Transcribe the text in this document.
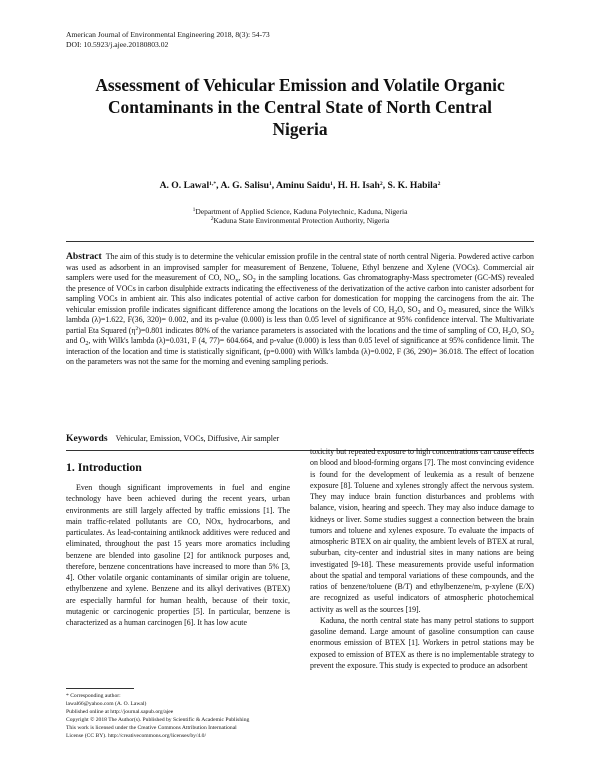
American Journal of Environmental Engineering 2018, 8(3): 54-73
DOI: 10.5923/j.ajee.20180803.02
Assessment of Vehicular Emission and Volatile Organic
Contaminants in the Central State of North Central
Nigeria
A. O. Lawal$^{1,*}$, A. G. Salisu$^1$, Aminu Saidu$^1$, H. H. Isah$^2$, S. K. Habila$^2$
$^1$Department of Applied Science, Kaduna Polytechnic, Kaduna, Nigeria
$^2$Kaduna State Environmental Protection Authority, Nigeria
Abstract The aim of this study is to determine the vehicular emission profile in the central state of north central Nigeria. Powdered active carbon was used as adsorbent in an improvised sampler for measurement of Benzene, Toluene, Ethyl benzene and Xylene (VOCs). Commercial air samplers were used for the measurement of CO, $NO_x$, $SO_2$ in the sampling locations. Gas chromatography-Mass spectrometer (GC-MS) revealed the presence of VOCs in carbon disulphide extracts indicating the effectiveness of the derivatization of the active carbon into canister adsorbent for sampling VOCs in ambient air. This also indicates potential of active carbon for domestication for mopping the carcinogens from the air. The vehicular emission profile indicates significant difference among the locations on the levels of CO, $H_2O$, $SO_2$ and $O_2$ measured, since the Wilk's lambda (λ)=1.622, F(36, 320)= 0.002, and its p-value (0.000) is less than 0.05 level of significance at 95% confidence interval. The Multivariate partial Eta Squared $(\eta^2)=0.801$ indicates 80% of the variance parameters is associated with the locations and the time of sampling of CO, $H_2O$, $SO_2$ and $O_2$, with Wilk's lambda (λ)=0.031, F (4, 77)= 604.664, and p-value (0.000) is less than 0.05 level of significance at 95% confidence limit. The interaction of the location and time is statistically significant, (p=0.000) with Wilk's lambda (λ)=0.002, F (36, 290)= 36.018. The effect of location on the parameters was not the same for the morning and evening sampling periods.
Keywords Vehicular, Emission, VOCs, Diffusive, Air sampler
1. Introduction

Even though significant improvements in fuel and engine technology have been achieved during the recent years, urban environments are still largely affected by traffic emissions [1]. The main traffic-related pollutants are CO, NOx, hydrocarbons, and particulates. As lead-containing antiknock additives were reduced and eliminated, throughout the past 15 years more aromatics including benzene are blended into gasoline [2] for antiknock purposes and, therefore, benzene concentrations have increased to more than 5% [3, 4]. Other volatile organic contaminants of similar origin are toluene, ethylbenzene and xylene. Benzene and its alkyl derivatives (BTEX) are especially harmful for human health, because of their toxic, mutagenic or carcinogenic properties [5]. In particular, benzene is characterized as a human carcinogen [6]. It has low acute

toxicity but repeated exposure to high concentrations can cause effects on blood and blood-forming organs [7]. The most convincing evidence is found for the development of leukemia as a result of benzene exposure [8]. Toluene and xylenes strongly affect the nervous system. They may induce brain function disturbances and problems with balance, vision, hearing and speech. They may also induce damage to kidneys or liver. Some studies suggest a connection between the brain tumors and toluene and xylenes exposure. To evaluate the impacts of atmospheric BTEX on air quality, the ambient levels of BTEX at rural, suburban, city-center and industrial sites in many nations are being investigated [9-18]. These measurements provide useful information about the spatial and temporal variations of these compounds, and the ratios of benzene/toluene (B/T) and ethylbenzene/m, p-xylene (E/X) are recognized as useful indicators of atmospheric photochemical activity as well as the sources [19].

Kaduna, the north central state has many petrol stations to support gasoline demand. Large amount of gasoline consumption can cause enormous emission of BTEX [1]. Workers in petrol stations may be exposed to emission of BTEX as there is no implementable strategy to prevent the exposure. This study is expected to produce an adsorbent

* Corresponding author:
lawal66@yahoo.com (A. O. Lawal)
Published online at http://journal.sapub.org/ajee
Copyright © 2018 The Author(s). Published by Scientific & Academic Publishing
This work is licensed under the Creative Commons Attribution International
License (CC BY). http://creativecommons.org/licenses/by/4.0/
